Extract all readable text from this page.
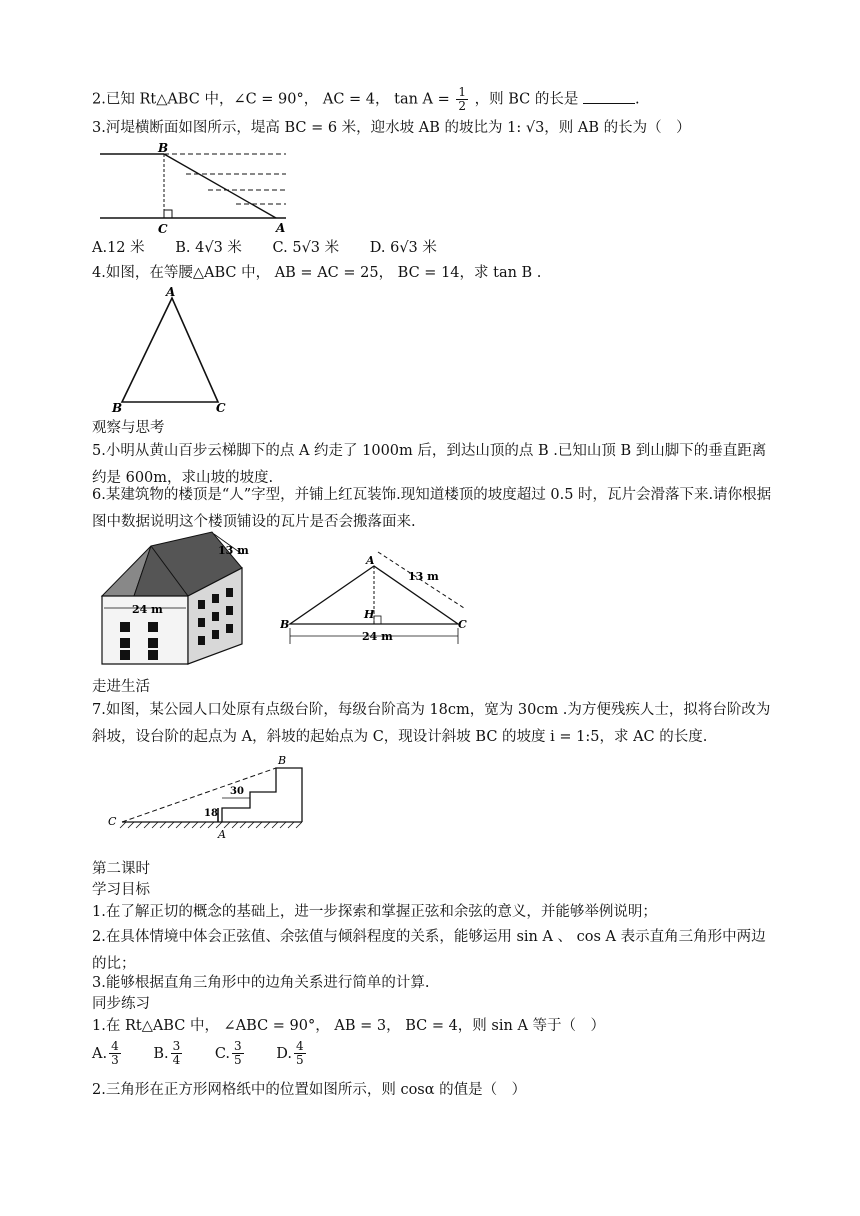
2.已知 Rt△ABC 中，∠C = 90°， AC = 4， $\tan A = \frac{1}{2}$ ，则 BC 的长是	.
3.河堤横断面如图所示，堤高 BC = 6 米，迎水坡 AB 的坡比为 1: √3，则 AB 的长为（　）
B
C	A
A.12 米 B. 4√3 米 C. 5√3 米 D. 6√3 米
4.如图，在等腰△ABC 中， AB = AC = 25， BC = 14，求 tan B .
A
B	C
观察与思考
5.小明从黄山百步云梯脚下的点 A 约走了 1000m 后，到达山顶的点 B .已知山顶 B 到山脚下的垂直距离约是 600m，求山坡的坡度.
6.某建筑物的楼顶是“人”字型，并铺上红瓦装饰.现知道楼顶的坡度超过 0.5 时，瓦片会滑落下来.请你根据图中数据说明这个楼顶铺设的瓦片是否会搬落面来.
24 m
13 m
A
B	C
H
13 m
24 m
走进生活
7.如图，某公园人口处原有点级台阶，每级台阶高为 18cm，宽为 30cm .为方便残疾人士，拟将台阶改为斜坡，设台阶的起点为 A，斜坡的起始点为 C，现设计斜坡 BC 的坡度 i = 1:5，求 AC 的长度.
C
B
A
30
18
第二课时
学习目标
1.在了解正切的概念的基础上，进一步探索和掌握正弦和余弦的意义，并能够举例说明；
2.在具体情境中体会正弦值、余弦值与倾斜程度的关系，能够运用 sin A 、 cos A 表示直角三角形中两边的比；
3.能够根据直角三角形中的边角关系进行简单的计算.
同步练习
1.在 Rt△ABC 中， ∠ABC = 90°， AB = 3， BC = 4，则 sin A 等于（　）
A. $\frac{4}{3} B$. $\frac{3}{4} C$. $\frac{3}{5} D$. $\frac{4}{5}$
2.三角形在正方形网格纸中的位置如图所示，则 cosα 的值是（　）
